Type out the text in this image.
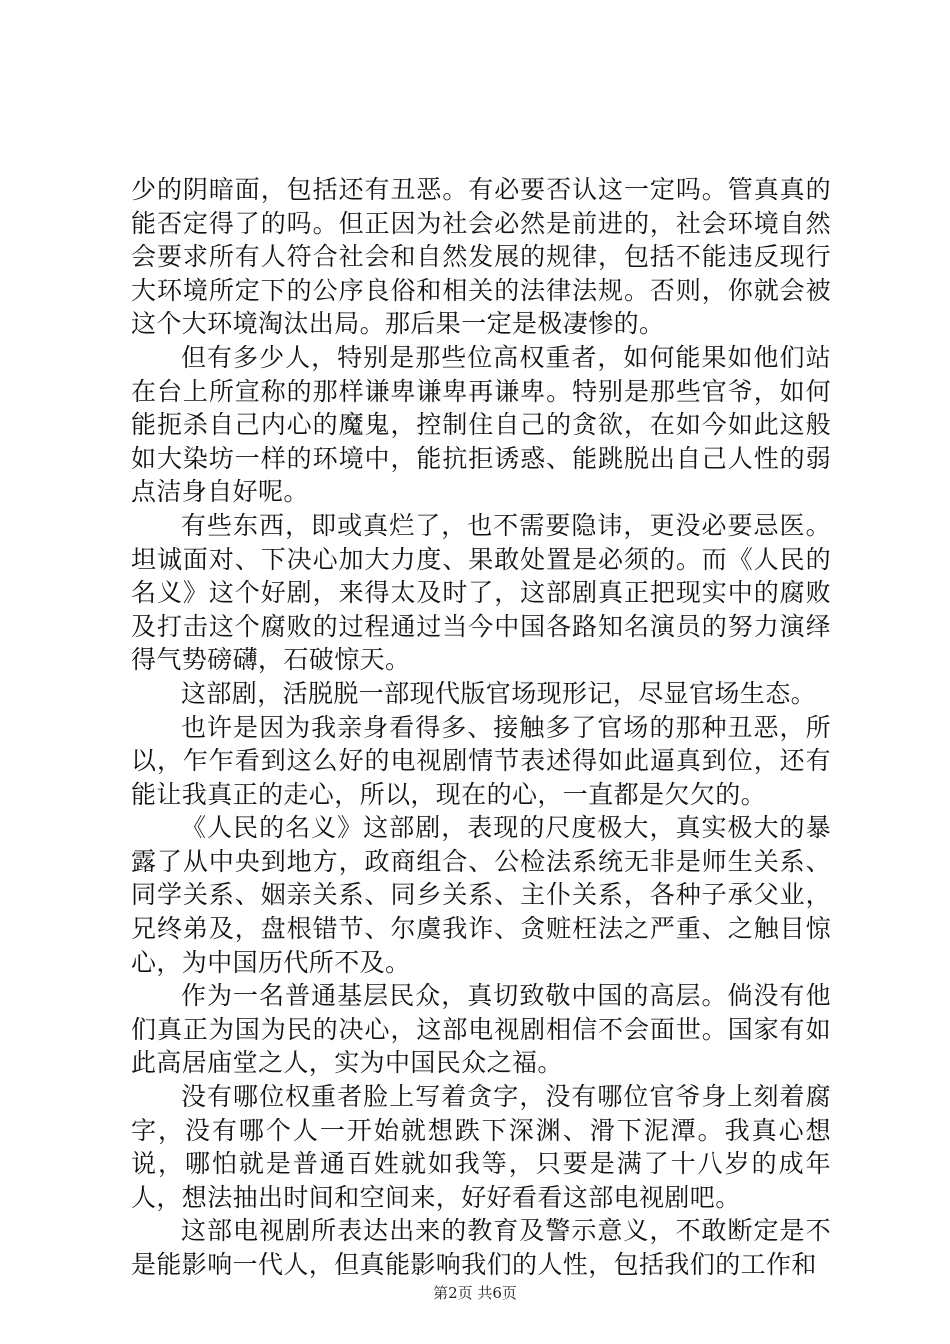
少的阴暗面，包括还有丑恶。有必要否认这一定吗。管真真的能否定得了的吗。但正因为社会必然是前进的，社会环境自然会要求所有人符合社会和自然发展的规律，包括不能违反现行大环境所定下的公序良俗和相关的法律法规。否则，你就会被这个大环境淘汰出局。那后果一定是极凄惨的。

但有多少人，特别是那些位高权重者，如何能果如他们站在台上所宣称的那样谦卑谦卑再谦卑。特别是那些官爷，如何能扼杀自己内心的魔鬼，控制住自己的贪欲，在如今如此这般如大染坊一样的环境中，能抗拒诱惑、能跳脱出自己人性的弱点洁身自好呢。

有些东西，即或真烂了，也不需要隐讳，更没必要忌医。坦诚面对、下决心加大力度、果敢处置是必须的。而《人民的名义》这个好剧，来得太及时了，这部剧真正把现实中的腐败及打击这个腐败的过程通过当今中国各路知名演员的努力演绎得气势磅礴，石破惊天。

这部剧，活脱脱一部现代版官场现形记，尽显官场生态。

也许是因为我亲身看得多、接触多了官场的那种丑恶，所以，乍乍看到这么好的电视剧情节表述得如此逼真到位，还有能让我真正的走心，所以，现在的心，一直都是欠欠的。

《人民的名义》这部剧，表现的尺度极大，真实极大的暴露了从中央到地方，政商组合、公检法系统无非是师生关系、同学关系、姻亲关系、同乡关系、主仆关系，各种子承父业，兄终弟及，盘根错节、尔虞我诈、贪赃枉法之严重、之触目惊心，为中国历代所不及。

作为一名普通基层民众，真切致敬中国的高层。倘没有他们真正为国为民的决心，这部电视剧相信不会面世。国家有如此高居庙堂之人，实为中国民众之福。

没有哪位权重者脸上写着贪字，没有哪位官爷身上刻着腐字，没有哪个人一开始就想跌下深渊、滑下泥潭。我真心想说，哪怕就是普通百姓就如我等，只要是满了十八岁的成年人，想法抽出时间和空间来，好好看看这部电视剧吧。

这部电视剧所表达出来的教育及警示意义，不敢断定是不是能影响一代人，但真能影响我们的人性，包括我们的工作和

第2页 共6页
